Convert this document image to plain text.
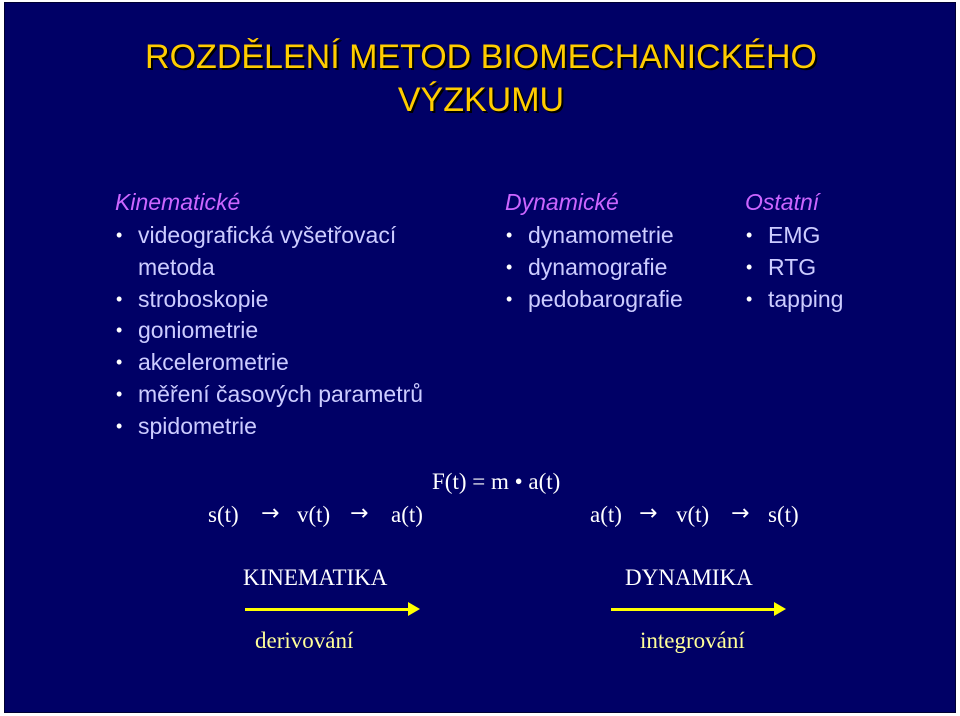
ROZDĚLENÍ METOD BIOMECHANICKÉHO
VÝZKUMU
Kinematické
• videografická vyšetřovací
metoda
• stroboskopie
• goniometrie
• akcelerometrie
• měření časových parametrů
• spidometrie
Dynamické
• dynamometrie
• dynamografie
• pedobarografie
Ostatní
• EMG
• RTG
• tapping
F(t) = m • a(t)
s(t) → v(t) → a(t)	a(t) → v(t) → s(t)
KINEMATIKA
derivování
DYNAMIKA
integrování
